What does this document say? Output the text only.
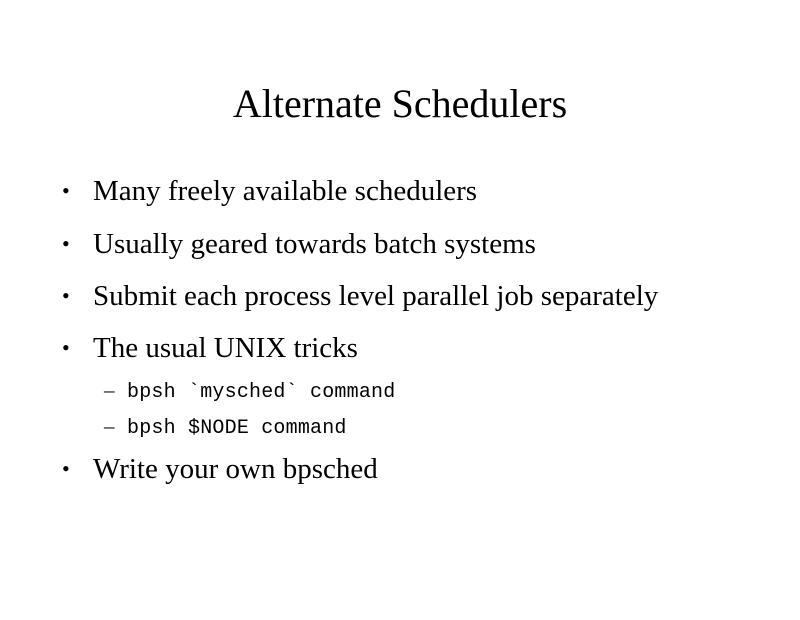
Alternate Schedulers
• Many freely available schedulers
• Usually geared towards batch systems
• Submit each process level parallel job separately
• The usual UNIX tricks
– bpsh `mysched` command
– bpsh $NODE command
• Write your own bpsched
